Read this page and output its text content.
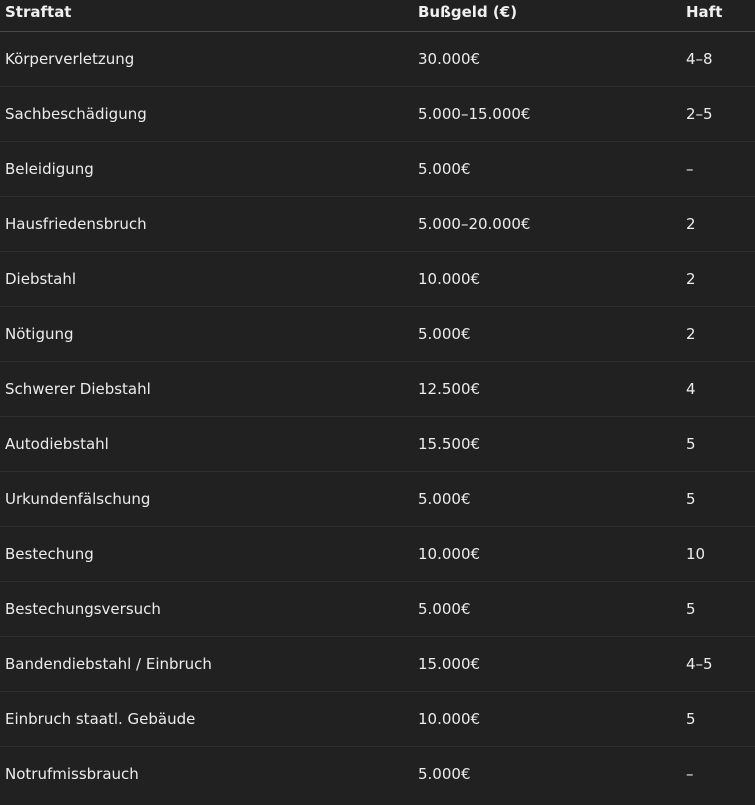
Straftat	Bußgeld (€)	Haft
Körperverletzung	30.000€	4–8
Sachbeschädigung	5.000–15.000€	2–5
Beleidigung	5.000€	–
Hausfriedensbruch	5.000–20.000€	2
Diebstahl	10.000€	2
Nötigung	5.000€	2
Schwerer Diebstahl	12.500€	4
Autodiebstahl	15.500€	5
Urkundenfälschung	5.000€	5
Bestechung	10.000€	10
Bestechungsversuch	5.000€	5
Bandendiebstahl / Einbruch	15.000€	4–5
Einbruch staatl. Gebäude	10.000€	5
Notrufmissbrauch	5.000€	–
